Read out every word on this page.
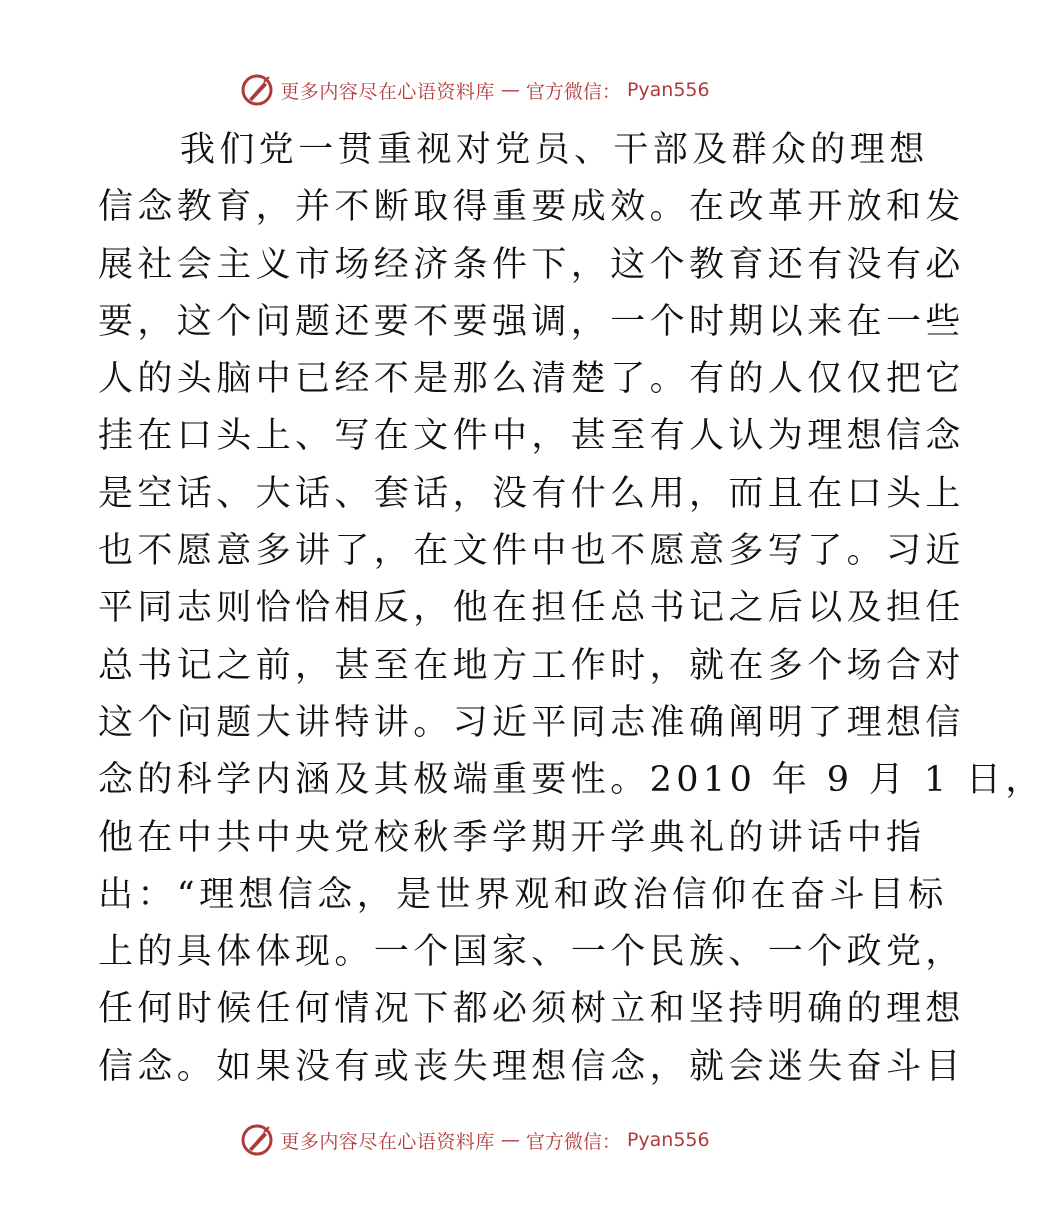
更多内容尽在心语资料库 — 官方微信： Pyan556
我们党一贯重视对党员、干部及群众的理想
信念教育，并不断取得重要成效。在改革开放和发
展社会主义市场经济条件下，这个教育还有没有必
要，这个问题还要不要强调，一个时期以来在一些
人的头脑中已经不是那么清楚了。有的人仅仅把它
挂在口头上、写在文件中，甚至有人认为理想信念
是空话、大话、套话，没有什么用，而且在口头上
也不愿意多讲了，在文件中也不愿意多写了。习近
平同志则恰恰相反，他在担任总书记之后以及担任
总书记之前，甚至在地方工作时，就在多个场合对
这个问题大讲特讲。习近平同志准确阐明了理想信
念的科学内涵及其极端重要性。2010 年 9 月 1 日，
他在中共中央党校秋季学期开学典礼的讲话中指
出：“理想信念，是世界观和政治信仰在奋斗目标
上的具体体现。一个国家、一个民族、一个政党，
任何时候任何情况下都必须树立和坚持明确的理想
信念。如果没有或丧失理想信念，就会迷失奋斗目
更多内容尽在心语资料库 — 官方微信： Pyan556
